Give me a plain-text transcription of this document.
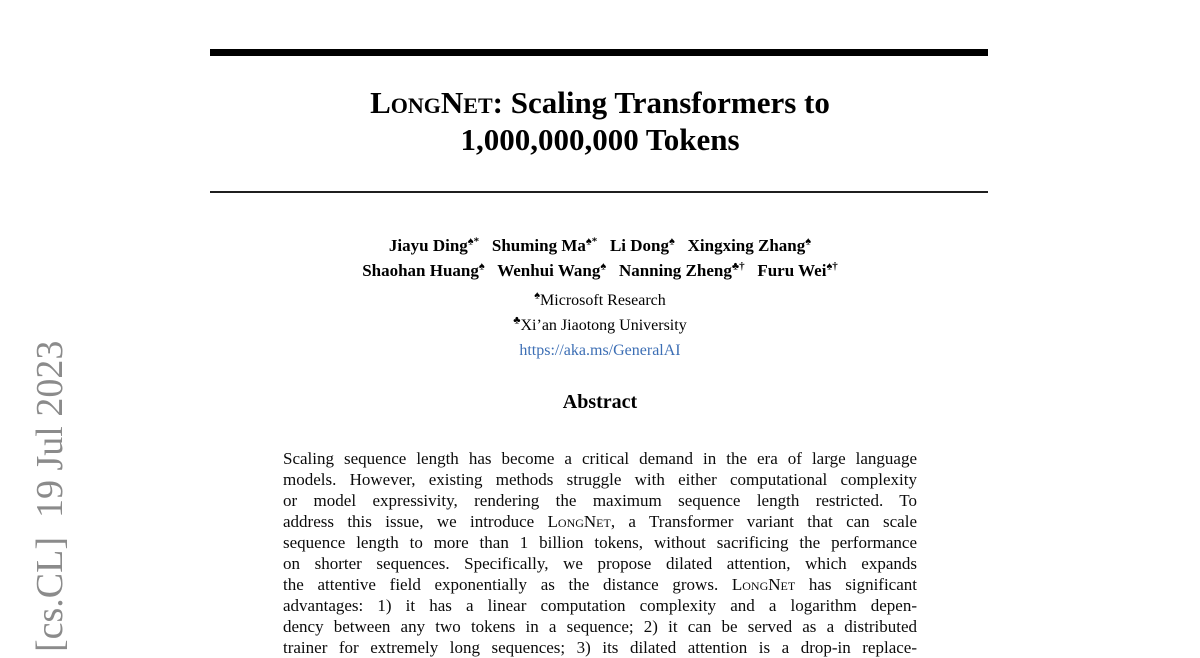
[cs.CL]  19 Jul 2023
LongNet: Scaling Transformers to
1,000,000,000 Tokens
Jiayu Ding♠* Shuming Ma♠* Li Dong♠ Xingxing Zhang♠
Shaohan Huang♠ Wenhui Wang♠ Nanning Zheng♣† Furu Wei♠†
♠Microsoft Research
♣Xi’an Jiaotong University
https://aka.ms/GeneralAI
Abstract
Scaling sequence length has become a critical demand in the era of large language
models. However, existing methods struggle with either computational complexity
or model expressivity, rendering the maximum sequence length restricted. To
address this issue, we introduce LongNet, a Transformer variant that can scale
sequence length to more than 1 billion tokens, without sacrificing the performance
on shorter sequences. Specifically, we propose dilated attention, which expands
the attentive field exponentially as the distance grows. LongNet has significant
advantages: 1) it has a linear computation complexity and a logarithm depen-
dency between any two tokens in a sequence; 2) it can be served as a distributed
trainer for extremely long sequences; 3) its dilated attention is a drop-in replace-
